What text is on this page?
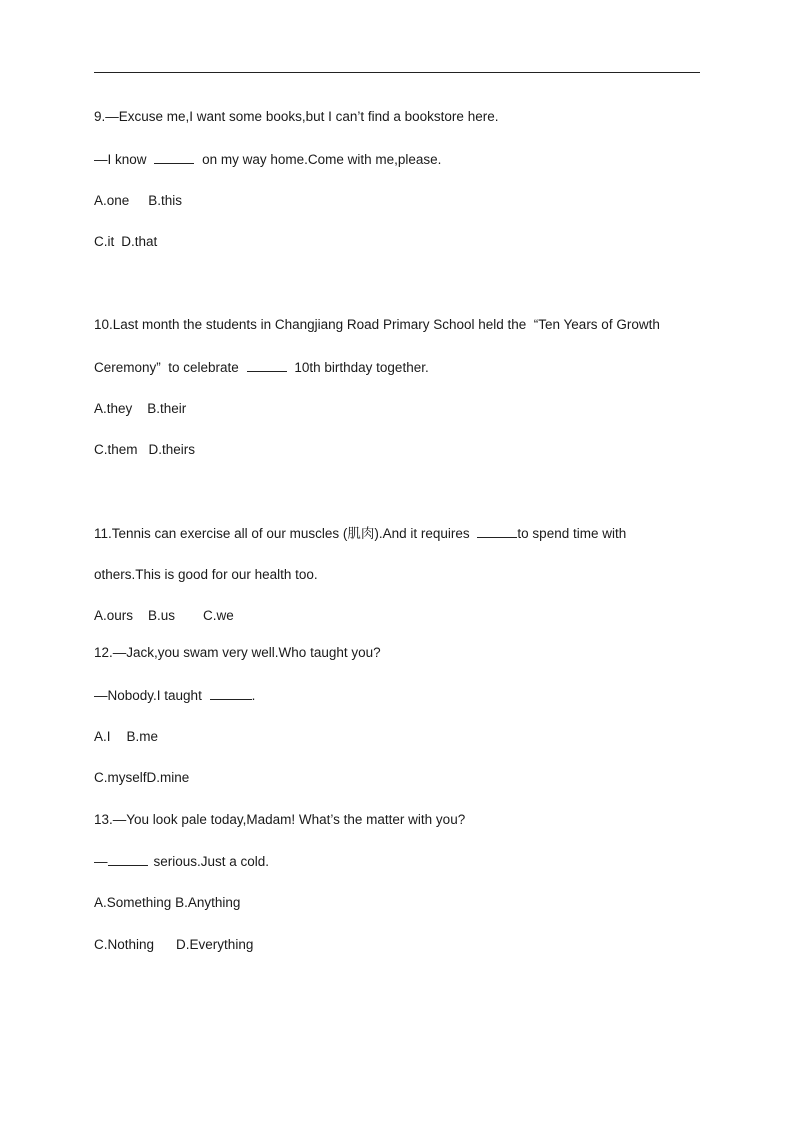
9.—Excuse me,I want some books,but I can’t find a bookstore here.
—I know	on my way home.Come with me,please.
A.one B.this
C.it D.that
10.Last month the students in Changjiang Road Primary School held the  “Ten Years of Growth
Ceremony”  to celebrate	10th birthday together.
A.they B.their
C.them D.theirs
11.Tennis can exercise all of our muscles (肌肉).And it requires	to spend time with
others.This is good for our health too.
A.ours B.us C.we
12.—Jack,you swam very well.Who taught you?
—Nobody.I taught	.
A.I B.me
C.myselfD.mine
13.—You look pale today,Madam! What’s the matter with you?
—	serious.Just a cold.
A.Something B.Anything
C.Nothing D.Everything
